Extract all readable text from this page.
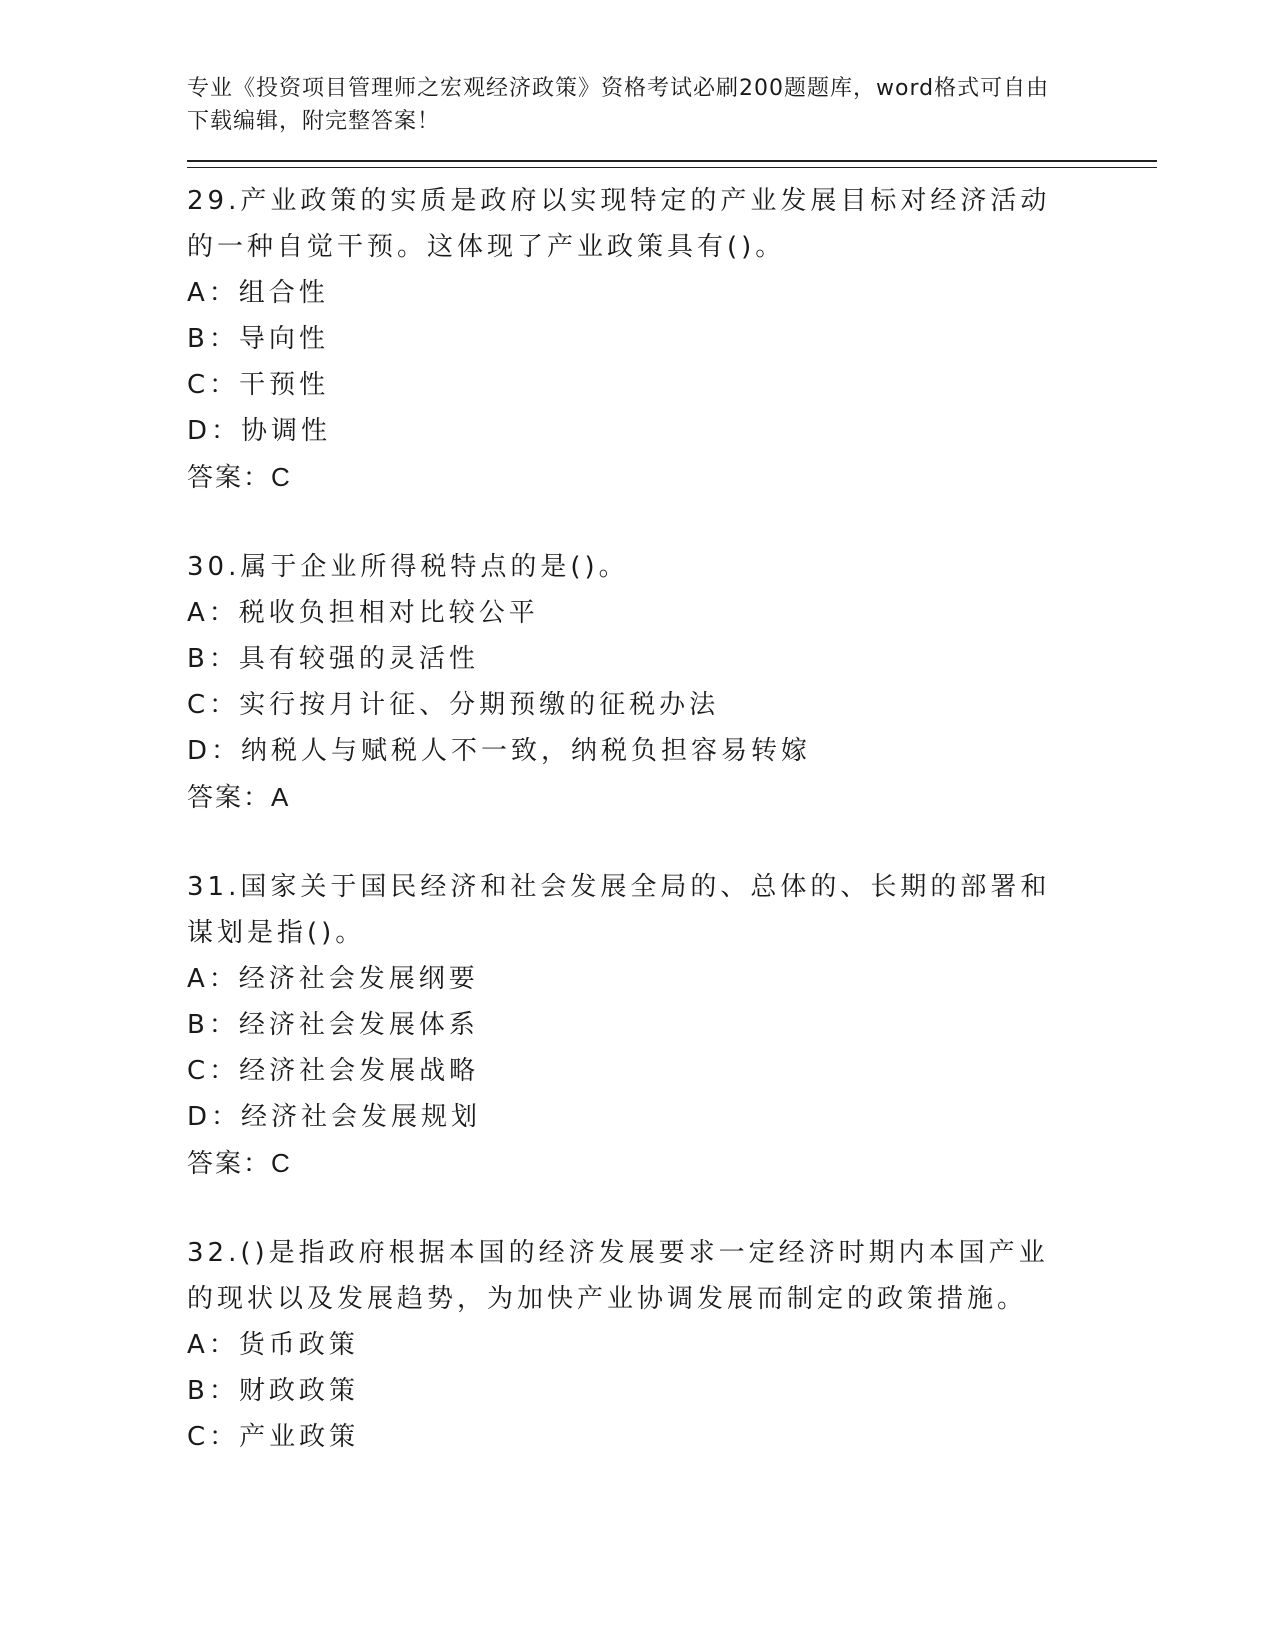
专业《投资项目管理师之宏观经济政策》资格考试必刷200题题库，word格式可自由下载编辑，附完整答案！
29.产业政策的实质是政府以实现特定的产业发展目标对经济活动的一种自觉干预。这体现了产业政策具有()。
A：组合性
B：导向性
C：干预性
D：协调性
答案：C
30.属于企业所得税特点的是()。
A：税收负担相对比较公平
B：具有较强的灵活性
C：实行按月计征、分期预缴的征税办法
D：纳税人与赋税人不一致，纳税负担容易转嫁
答案：A
31.国家关于国民经济和社会发展全局的、总体的、长期的部署和谋划是指()。
A：经济社会发展纲要
B：经济社会发展体系
C：经济社会发展战略
D：经济社会发展规划
答案：C
32.()是指政府根据本国的经济发展要求一定经济时期内本国产业的现状以及发展趋势，为加快产业协调发展而制定的政策措施。
A：货币政策
B：财政政策
C：产业政策
